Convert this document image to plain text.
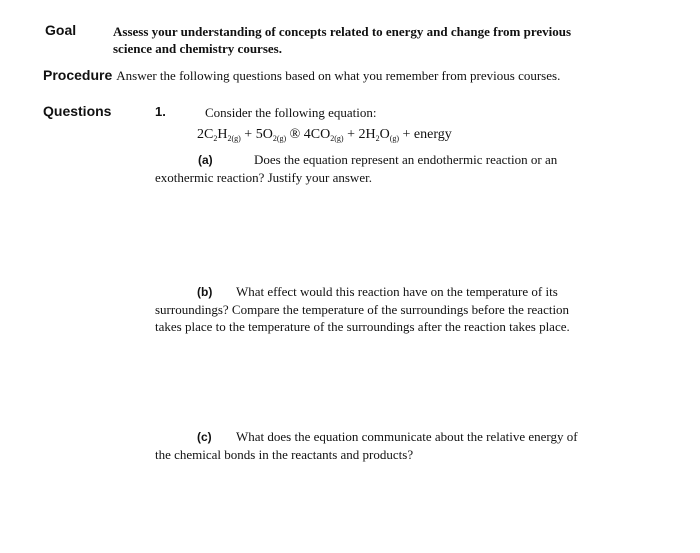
Goal	Assess your understanding of concepts related to energy and change from previous
science and chemistry courses.
Procedure Answer the following questions based on what you remember from previous courses.
Questions	1.	Consider the following equation:
$2C_2H_{2(g)} + 5O_{2(g)}$ ® $4CO_{2(g)} + 2H_2O_{(g)}$ + energy
(a)	Does the equation represent an endothermic reaction or an
exothermic reaction? Justify your answer.
(b) What effect would this reaction have on the temperature of its
surroundings? Compare the temperature of the surroundings before the reaction
takes place to the temperature of the surroundings after the reaction takes place.
(c) What does the equation communicate about the relative energy of
the chemical bonds in the reactants and products?
